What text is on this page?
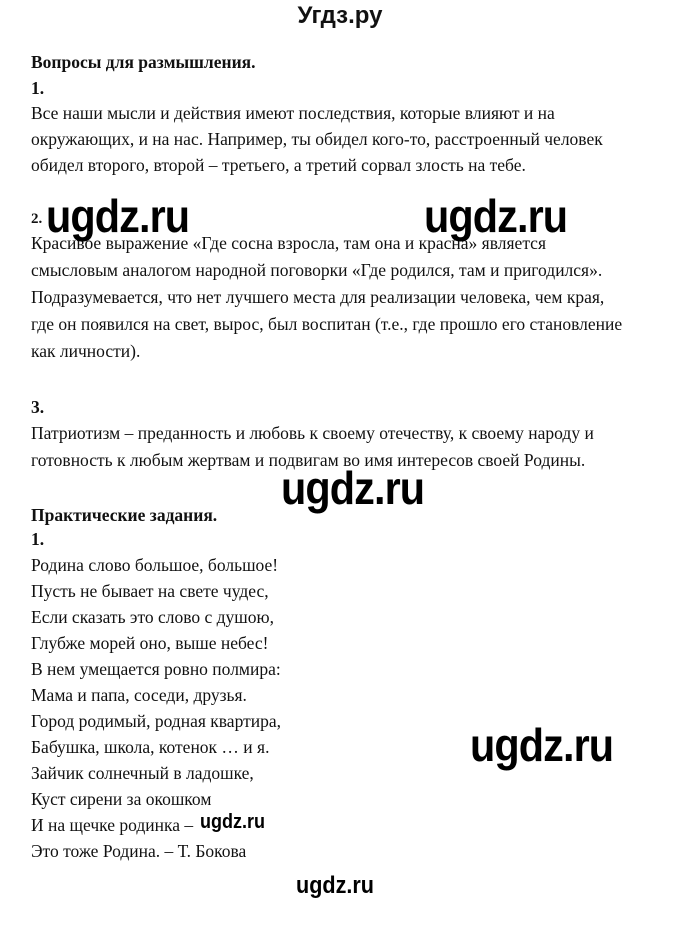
Угдз.ру
Вопросы для размышления.
1.
Все наши мысли и действия имеют последствия, которые влияют и на
окружающих, и на нас. Например, ты обидел кого-то, расстроенный человек
обидел второго, второй – третьего, а третий сорвал злость на тебе.
2.
Красивое выражение «Где сосна взросла, там она и красна» является
смысловым аналогом народной поговорки «Где родился, там и пригодился».
Подразумевается, что нет лучшего места для реализации человека, чем края,
где он появился на свет, вырос, был воспитан (т.е., где прошло его становление
как личности).
3.
Патриотизм – преданность и любовь к своему отечеству, к своему народу и
готовность к любым жертвам и подвигам во имя интересов своей Родины.
Практические задания.
1.
Родина слово большое, большое!
Пусть не бывает на свете чудес,
Если сказать это слово с душою,
Глубже морей оно, выше небес!
В нем умещается ровно полмира:
Мама и папа, соседи, друзья.
Город родимый, родная квартира,
Бабушка, школа, котенок … и я.
Зайчик солнечный в ладошке,
Куст сирени за окошком
И на щечке родинка –
Это тоже Родина. – Т. Бокова
ugdz.ru	ugdz.ru
ugdz.ru
ugdz.ru
ugdz.ru
ugdz.ru
